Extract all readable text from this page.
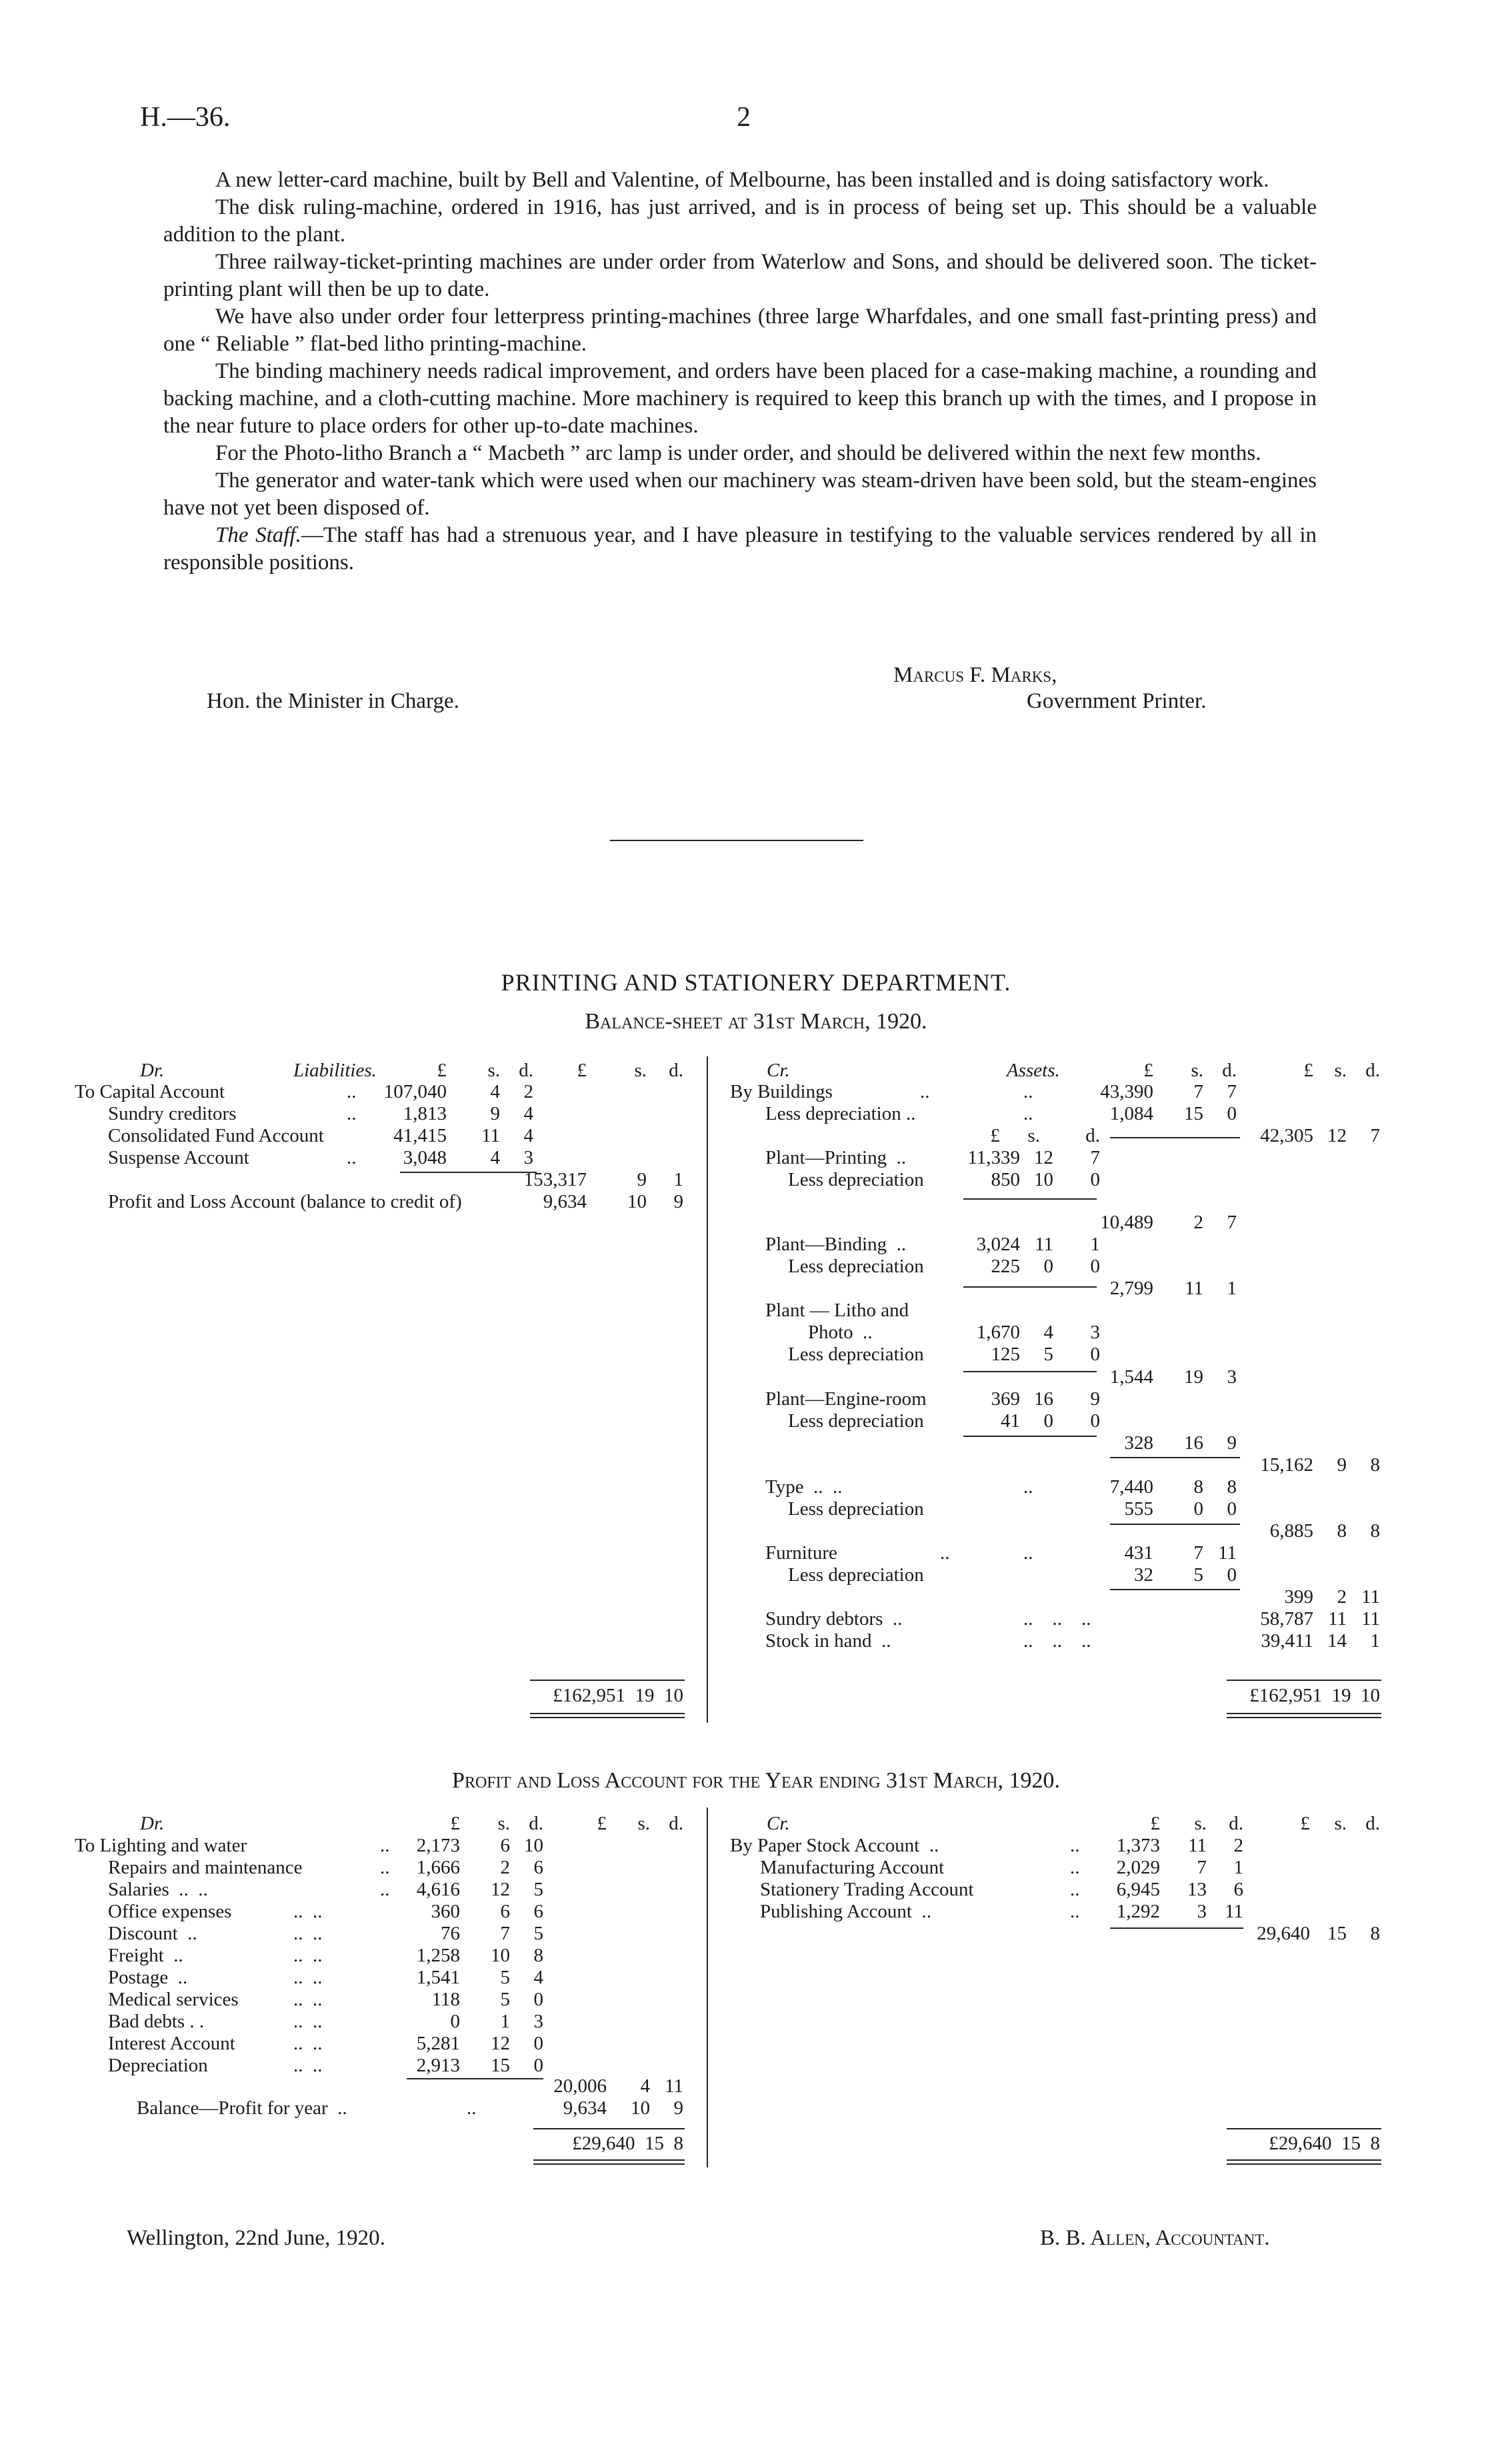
H.—36.	2

A new letter-card machine, built by Bell and Valentine, of Melbourne, has been installed and is doing satisfactory work.

The disk ruling-machine, ordered in 1916, has just arrived, and is in process of being set up. This should be a valuable addition to the plant.

Three railway-ticket-printing machines are under order from Waterlow and Sons, and should be delivered soon. The ticket-printing plant will then be up to date.

We have also under order four letterpress printing-machines (three large Wharfdales, and one small fast-printing press) and one “ Reliable ” flat-bed litho printing-machine.

The binding machinery needs radical improvement, and orders have been placed for a case-making machine, a rounding and backing machine, and a cloth-cutting machine. More machinery is required to keep this branch up with the times, and I propose in the near future to place orders for other up-to-date machines.

For the Photo-litho Branch a “ Macbeth ” arc lamp is under order, and should be delivered within the next few months.

The generator and water-tank which were used when our machinery was steam-driven have been sold, but the steam-engines have not yet been disposed of.

The Staff.—The staff has had a strenuous year, and I have pleasure in testifying to the valuable services rendered by all in responsible positions.

Marcus F. Marks,
Hon. the Minister in Charge.	Government Printer.
PRINTING AND STATIONERY DEPARTMENT.
Balance-sheet at 31st March, 1920.
Dr.	Liabilities.	£	s. d.	£	s.	d.
To Capital Account	..	107,040	4	2
Sundry creditors	..	1,813	9	4
Consolidated Fund Account	41,415	11	4
Suspense Account	..	3,048	4	3
153,317	9	1
Profit and Loss Account (balance to credit of)	9,634	10	9
£162,951  19  10
Cr.	Assets.	£	s. d.	£	s. d.
By Buildings	..	..	43,390	7	7
Less depreciation ..	..	1,084	15	0
42,305 12	7
£	s.	d.
Plant—Printing  ..	11,339 12	7
Less depreciation	850 10	0
10,489	2	7
Plant—Binding  ..	3,024 11	1
Less depreciation	225	0	0
2,799	11	1
Plant — Litho and
Photo  ..	1,670	4	3
Less depreciation	125	5	0
1,544	19	3
Plant—Engine-room	369 16	9
Less depreciation	41	0	0
328	16	9
15,162	9	8
Type  ..  ..	..	7,440	8	8
Less depreciation	555	0	0
6,885	8	8
Furniture	..	..	431	7 11
Less depreciation	32	5	0
399	2 11
Sundry debtors  ..	..    ..    ..	58,787 11 11
Stock in hand  ..	..    ..    ..	39,411 14	1
£162,951  19  10
Profit and Loss Account for the Year ending 31st March, 1920.
Dr.	£	s. d.	£	s. d.
To Lighting and water	..	2,173	6 10
Repairs and maintenance	..	1,666	2	6
Salaries  ..  ..	..	4,616	12	5
Office expenses	..  ..	360	6	6
Discount  ..	..  ..	76	7	5
Freight  ..	..  ..	1,258	10	8
Postage  ..	..  ..	1,541	5	4
Medical services	..  ..	118	5	0
Bad debts . .	..  ..	0	1	3
Interest Account	..  ..	5,281	12	0
Depreciation	..  ..	2,913	15	0
20,006	4 11
Balance—Profit for year  ..	..	9,634	10	9
£29,640  15  8
Cr.	£	s.	d.	£	s. d.
By Paper Stock Account  ..	..	1,373	11	2
Manufacturing Account	..	2,029	7	1
Stationery Trading Account	..	6,945	13	6
Publishing Account  ..	..	1,292	3 11
29,640 15	8
£29,640  15  8
Wellington, 22nd June, 1920.	B. B. Allen, Accountant.
